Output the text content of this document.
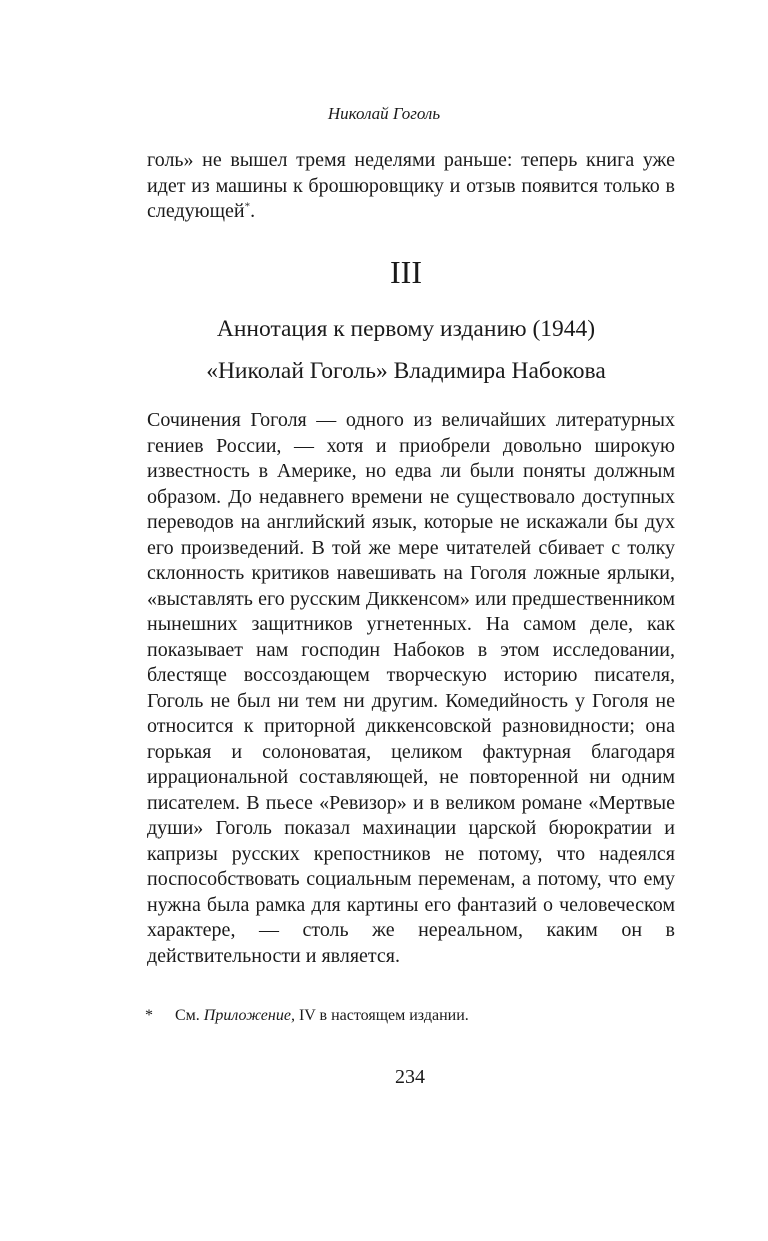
Николай Гоголь
голь» не вышел тремя неделями раньше: теперь книга уже идет из машины к брошюровщику и отзыв появится только в следующей*.
III
Аннотация к первому изданию (1944)
«Николай Гоголь» Владимира Набокова
Сочинения Гоголя — одного из величайших литературных гениев России, — хотя и приобрели довольно широкую известность в Америке, но едва ли были поняты должным образом. До недавнего времени не существовало доступных переводов на английский язык, которые не искажали бы дух его произведений. В той же мере читателей сбивает с толку склонность критиков навешивать на Гоголя ложные ярлыки, «выставлять его русским Диккенсом» или предшественником нынешних защитников угнетенных. На самом деле, как показывает нам господин Набоков в этом исследовании, блестяще воссоздающем творческую историю писателя, Гоголь не был ни тем ни другим. Комедийность у Гоголя не относится к приторной диккенсовской разновидности; она горькая и солоноватая, целиком фактурная благодаря иррациональной составляющей, не повторенной ни одним писателем. В пьесе «Ревизор» и в великом романе «Мертвые души» Гоголь показал махинации царской бюрократии и капризы русских крепостников не потому, что надеялся поспособствовать социальным переменам, а потому, что ему нужна была рамка для картины его фантазий о человеческом характере, — столь же нереальном, каким он в действительности и является.
* См. Приложение, IV в настоящем издании.
234
